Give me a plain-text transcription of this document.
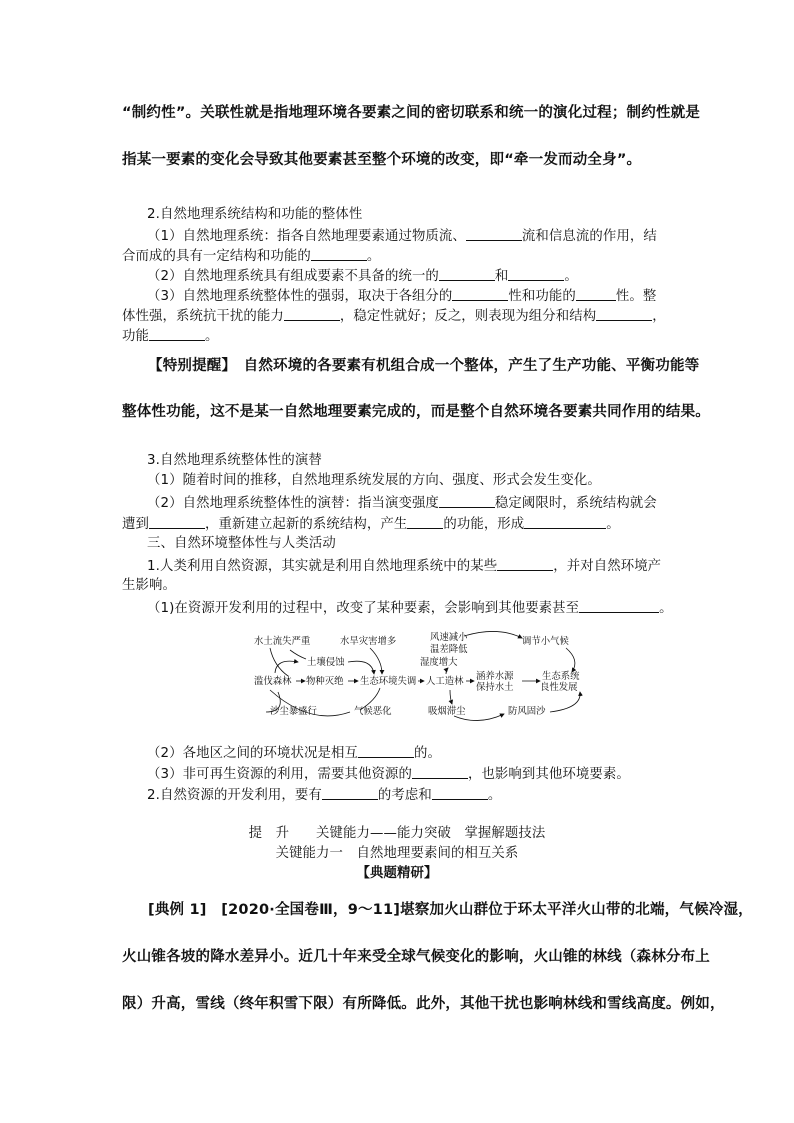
“制约性”。关联性就是指地理环境各要素之间的密切联系和统一的演化过程；制约性就是
指某一要素的变化会导致其他要素甚至整个环境的改变，即“牵一发而动全身”。
2.自然地理系统结构和功能的整体性
（1）自然地理系统：指各自然地理要素通过物质流、	流和信息流的作用，结
合而成的具有一定结构和功能的	。
（2）自然地理系统具有组成要素不具备的统一的	和	。
（3）自然地理系统整体性的强弱，取决于各组分的	性和功能的	性。整
体性强，系统抗干扰的能力	，稳定性就好；反之，则表现为组分和结构	，
功能	。
【特别提醒】　自然环境的各要素有机组合成一个整体，产生了生产功能、平衡功能等
整体性功能，这不是某一自然地理要素完成的，而是整个自然环境各要素共同作用的结果。
3.自然地理系统整体性的演替
（1）随着时间的推移，自然地理系统发展的方向、强度、形式会发生变化。
（2）自然地理系统整体性的演替：指当演变强度	稳定阈限时，系统结构就会
遭到	，重新建立起新的系统结构，产生	的功能，形成	。
三、自然环境整体性与人类活动
1.人类利用自然资源，其实就是利用自然地理系统中的某些	，并对自然环境产
生影响。
（1)在资源开发利用的过程中，改变了某种要素，会影响到其他要素甚至	。
水土流失严重	水旱灾害增多
土壤侵蚀
滥伐森林 物种灭绝 生态环境失调
沙尘暴盛行	气候恶化
风速减小
温差降低
湿度增大
人工造林
吸烟滞尘
调节小气候
涵养水源
保持水土
生态系统
良性发展
防风固沙
（2）各地区之间的环境状况是相互	的。
（3）非可再生资源的利用，需要其他资源的	，也影响到其他环境要素。
2.自然资源的开发利用，要有	的考虑和	。
提　升　　关键能力——能力突破　掌握解题技法
关键能力一　自然地理要素间的相互关系
【典题精研】
[典例 1]　[2020·全国卷Ⅲ，9～11]堪察加火山群位于环太平洋火山带的北端，气候冷湿，
火山锥各坡的降水差异小。近几十年来受全球气候变化的影响，火山锥的林线（森林分布上
限）升高，雪线（终年积雪下限）有所降低。此外，其他干扰也影响林线和雪线高度。例如，
